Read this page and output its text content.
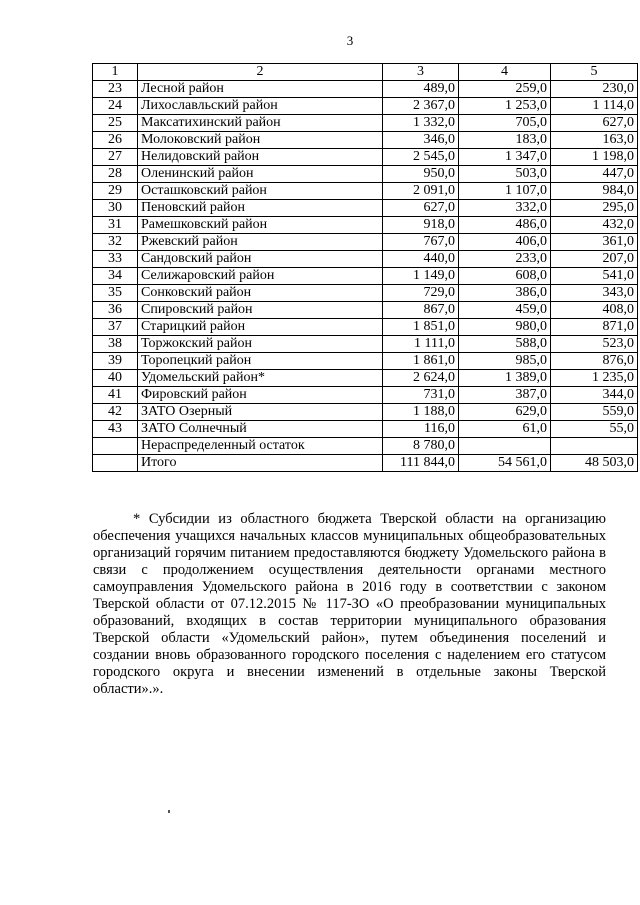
3
1	2	3	4	5
23	Лесной район	489,0	259,0	230,0
24	Лихославльский район	2 367,0	1 253,0	1 114,0
25	Максатихинский район	1 332,0	705,0	627,0
26	Молоковский район	346,0	183,0	163,0
27	Нелидовский район	2 545,0	1 347,0	1 198,0
28	Оленинский район	950,0	503,0	447,0
29	Осташковский район	2 091,0	1 107,0	984,0
30	Пеновский район	627,0	332,0	295,0
31	Рамешковский район	918,0	486,0	432,0
32	Ржевский район	767,0	406,0	361,0
33	Сандовский район	440,0	233,0	207,0
34	Селижаровский район	1 149,0	608,0	541,0
35	Сонковский район	729,0	386,0	343,0
36	Спировский район	867,0	459,0	408,0
37	Старицкий район	1 851,0	980,0	871,0
38	Торжокский район	1 111,0	588,0	523,0
39	Торопецкий район	1 861,0	985,0	876,0
40	Удомельский район*	2 624,0	1 389,0	1 235,0
41	Фировский район	731,0	387,0	344,0
42	ЗАТО Озерный	1 188,0	629,0	559,0
43	ЗАТО Солнечный	116,0	61,0	55,0
	Нераспределенный остаток	8 780,0		
	Итого	111 844,0	54 561,0	48 503,0
* Субсидии из областного бюджета Тверской области на организацию обеспечения учащихся начальных классов муниципальных общеобразовательных организаций горячим питанием предоставляются бюджету Удомельского района в связи с продолжением осуществления деятельности органами местного самоуправления Удомельского района в 2016 году в соответствии с законом Тверской области от 07.12.2015 № 117-ЗО «О преобразовании муниципальных образований, входящих в состав территории муниципального образования Тверской области «Удомельский район», путем объединения поселений и создании вновь образованного городского поселения с наделением его статусом городского округа и внесении изменений в отдельные законы Тверской области».».
